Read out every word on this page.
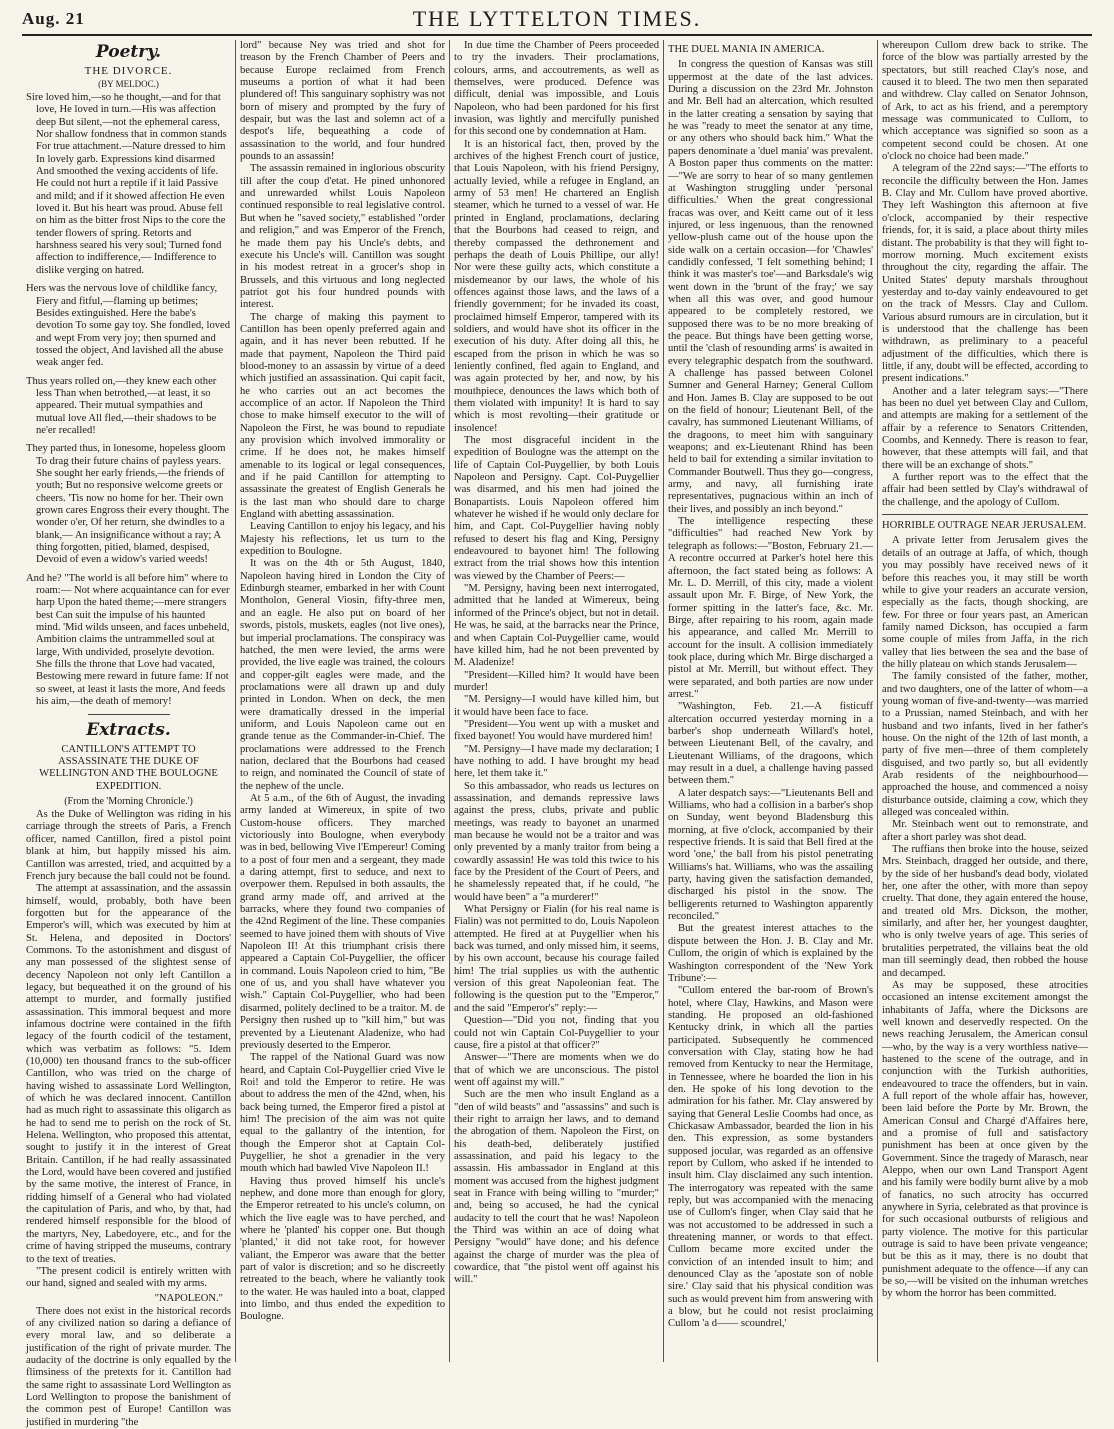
Aug. 21	THE LYTTELTON TIMES.
Poetry.
THE DIVORCE.
(BY MELDOC.)

Sire loved him,—so he thought,—and for that love, He loved in turn.—His was affection deep But silent,—not the ephemeral caress, Nor shallow fondness that in common stands For true attachment.—Nature dressed to him In lovely garb. Expressions kind disarmed And smoothed the vexing accidents of life. He could not hurt a reptile if it laid Passive and mild; and if it showed affection He even loved it. But his heart was proud. Abuse fell on him as the bitter frost Nips to the core the tender flowers of spring. Retorts and harshness seared his very soul; Turned fond affection to indifference,— Indifference to dislike verging on hatred.

Hers was the nervous love of childlike fancy, Fiery and fitful,—flaming up betimes; Besides extinguished. Here the babe's devotion To some gay toy. She fondled, loved and wept From very joy; then spurned and tossed the object, And lavished all the abuse weak anger fed.

Thus years rolled on,—they knew each other less Than when betrothed,—at least, it so appeared. Their mutual sympathies and mutual love All fled,—their shadows to be ne'er recalled!

They parted thus, in lonesome, hopeless gloom To drag their future chains of payless years. She sought her early friends,—the friends of youth; But no responsive welcome greets or cheers. 'Tis now no home for her. Their own grown cares Engross their every thought. The wonder o'er, Of her return, she dwindles to a blank,— An insignificance without a ray; A thing forgotten, pitied, blamed, despised, Devoid of even a widow's varied weeds!

And he? "The world is all before him" where to roam:— Not where acquaintance can for ever harp Upon the hated theme;—mere strangers best Can suit the impulse of his haunted mind. 'Mid wilds unseen, and faces unbeheld, Ambition claims the untrammelled soul at large, With undivided, proselyte devotion. She fills the throne that Love had vacated, Bestowing mere reward in future fame: If not so sweet, at least it lasts the more, And feeds his aim,—the death of memory!

Extracts.
CANTILLON'S ATTEMPT TO ASSASSINATE THE DUKE OF WELLINGTON AND THE BOULOGNE EXPEDITION.
(From the 'Morning Chronicle.')

As the Duke of Wellington was riding in his carriage through the streets of Paris, a French officer, named Cantillon, fired a pistol point blank at him, but happily missed his aim. Cantillon was arrested, tried, and acquitted by a French jury because the ball could not be found.

The attempt at assassination, and the assassin himself, would, probably, both have been forgotten but for the appearance of the Emperor's will, which was executed by him at St. Helena, and deposited in Doctors' Commons. To the astonishment and disgust of any man possessed of the slightest sense of decency Napoleon not only left Cantillon a legacy, but bequeathed it on the ground of his attempt to murder, and formally justified assassination. This immoral bequest and more infamous doctrine were contained in the fifth legacy of the fourth codicil of the testament, which was verbatim as follows: "5. Idem (10,000) ten thousand francs to the sub-officer Cantillon, who was tried on the charge of having wished to assassinate Lord Wellington, of which he was declared innocent. Cantillon had as much right to assassinate this oligarch as he had to send me to perish on the rock of St. Helena. Wellington, who proposed this attentat, sought to justify it in the interest of Great Britain. Cantillon, if he had really assassinated the Lord, would have been covered and justified by the same motive, the interest of France, in ridding himself of a General who had violated the capitulation of Paris, and who, by that, had rendered himself responsible for the blood of the martyrs, Ney, Labedoyere, etc., and for the crime of having stripped the museums, contrary to the text of treaties.

"The present codicil is entirely written with our hand, signed and sealed with my arms.

"NAPOLEON."

There does not exist in the historical records of any civilized nation so daring a defiance of every moral law, and so deliberate a justification of the right of private murder. The audacity of the doctrine is only equalled by the flimsiness of the pretexts for it. Cantillon had the same right to assassinate Lord Wellington as Lord Wellington to propose the banishment of the common pest of Europe! Cantillon was justified in murdering "the

lord" because Ney was tried and shot for treason by the French Chamber of Peers and because Europe reclaimed from French museums a portion of what it had been plundered of! This sanguinary sophistry was not born of misery and prompted by the fury of despair, but was the last and solemn act of a despot's life, bequeathing a code of assassination to the world, and four hundred pounds to an assassin!

The assassin remained in inglorious obscurity till after the coup d'etat. He pined unhonored and unrewarded whilst Louis Napoleon continued responsible to real legislative control. But when he "saved society," established "order and religion," and was Emperor of the French, he made them pay his Uncle's debts, and execute his Uncle's will. Cantillon was sought in his modest retreat in a grocer's shop in Brussels, and this virtuous and long neglected patriot got his four hundred pounds with interest.

The charge of making this payment to Cantillon has been openly preferred again and again, and it has never been rebutted. If he made that payment, Napoleon the Third paid blood-money to an assassin by virtue of a deed which justified an assassination. Qui capit facit, he who carries out an act becomes the accomplice of an actor. If Napoleon the Third chose to make himself executor to the will of Napoleon the First, he was bound to repudiate any provision which involved immorality or crime. If he does not, he makes himself amenable to its logical or legal consequences, and if he paid Cantillon for attempting to assassinate the greatest of English Generals he is the last man who should dare to charge England with abetting assassination.

Leaving Cantillon to enjoy his legacy, and his Majesty his reflections, let us turn to the expedition to Boulogne.

It was on the 4th or 5th August, 1840, Napoleon having hired in London the City of Edinburgh steamer, embarked in her with Count Montholon, General Viosin, fifty-three men, and an eagle. He also put on board of her swords, pistols, muskets, eagles (not live ones), but imperial proclamations. The conspiracy was hatched, the men were levied, the arms were provided, the live eagle was trained, the colours and copper-gilt eagles were made, and the proclamations were all drawn up and duly printed in London. When on deck, the men were dramatically dressed in the imperial uniform, and Louis Napoleon came out en grande tenue as the Commander-in-Chief. The proclamations were addressed to the French nation, declared that the Bourbons had ceased to reign, and nominated the Council of state of the nephew of the uncle.

At 5 a.m., of the 6th of August, the invading army landed at Wimereux, in spite of two Custom-house officers. They marched victoriously into Boulogne, when everybody was in bed, bellowing Vive l'Empereur! Coming to a post of four men and a sergeant, they made a daring attempt, first to seduce, and next to overpower them. Repulsed in both assaults, the grand army made off, and arrived at the barracks, where they found two companies of the 42nd Regiment of the line. These companies seemed to have joined them with shouts of Vive Napoleon II! At this triumphant crisis there appeared a Captain Col-Puygellier, the officer in command. Louis Napoleon cried to him, "Be one of us, and you shall have whatever you wish." Captain Col-Puygellier, who had been disarmed, politely declined to be a traitor. M. de Persigny then rushed up to "kill him," but was prevented by a Lieutenant Aladenize, who had previously deserted to the Emperor.

The rappel of the National Guard was now heard, and Captain Col-Puygellier cried Vive le Roi! and told the Emperor to retire. He was about to address the men of the 42nd, when, his back being turned, the Emperor fired a pistol at him! The precision of the aim was not quite equal to the gallantry of the intention, for though the Emperor shot at Captain Col-Puygellier, he shot a grenadier in the very mouth which had bawled Vive Napoleon II.!

Having thus proved himself his uncle's nephew, and done more than enough for glory, the Emperor retreated to his uncle's column, on which the live eagle was to have perched, and where he 'planted' his copper one. But though 'planted,' it did not take root, for however valiant, the Emperor was aware that the better part of valor is discretion; and so he discreetly retreated to the beach, where he valiantly took to the water. He was hauled into a boat, clapped into limbo, and thus ended the expedition to Boulogne.

In due time the Chamber of Peers proceeded to try the invaders. Their proclamations, colours, arms, and accoutrements, as well as themselves, were produced. Defence was difficult, denial was impossible, and Louis Napoleon, who had been pardoned for his first invasion, was lightly and mercifully punished for this second one by condemnation at Ham.

It is an historical fact, then, proved by the archives of the highest French court of justice, that Louis Napoleon, with his friend Persigny, actually levied, while a refugee in England, an army of 53 men! He chartered an English steamer, which he turned to a vessel of war. He printed in England, proclamations, declaring that the Bourbons had ceased to reign, and thereby compassed the dethronement and perhaps the death of Louis Phillipe, our ally! Nor were these guilty acts, which constitute a misdemeanor by our laws, the whole of his offences against those laws, and the laws of a friendly government; for he invaded its coast, proclaimed himself Emperor, tampered with its soldiers, and would have shot its officer in the execution of his duty. After doing all this, he escaped from the prison in which he was so leniently confined, fled again to England, and was again protected by her, and now, by his mouthpiece, denounces the laws which both of them violated with impunity! It is hard to say which is most revolting—their gratitude or insolence!

The most disgraceful incident in the expedition of Boulogne was the attempt on the life of Captain Col-Puygellier, by both Louis Napoleon and Persigny. Capt. Col-Puygellier was disarmed, and his men had joined the Bonapartists. Louis Napoleon offered him whatever he wished if he would only declare for him, and Capt. Col-Puygellier having nobly refused to desert his flag and King, Persigny endeavoured to bayonet him! The following extract from the trial shows how this intention was viewed by the Chamber of Peers:—

"M. Persigny, having been next interrogated, admitted that he landed at Wimereux, being informed of the Prince's object, but not in detail. He was, he said, at the barracks near the Prince, and when Captain Col-Puygellier came, would have killed him, had he not been prevented by M. Aladenize!

"President—Killed him? It would have been murder!

"M. Persigny—I would have killed him, but it would have been face to face.

"President—You went up with a musket and fixed bayonet! You would have murdered him!

"M. Persigny—I have made my declaration; I have nothing to add. I have brought my head here, let them take it."

So this ambassador, who reads us lectures on assassination, and demands repressive laws against the press, clubs, private and public meetings, was ready to bayonet an unarmed man because he would not be a traitor and was only prevented by a manly traitor from being a cowardly assassin! He was told this twice to his face by the President of the Court of Peers, and he shamelessly repeated that, if he could, "he would have been" a "a murderer!"

What Persigny or Fialin (for his real name is Fialin) was not permitted to do, Louis Napoleon attempted. He fired at at Puygellier when his back was turned, and only missed him, it seems, by his own account, because his courage failed him! The trial supplies us with the authentic version of this great Napoleonian feat. The following is the question put to the "Emperor," and the said "Emperor's" reply:—

Question—"Did you not, finding that you could not win Captain Col-Puygellier to your cause, fire a pistol at that officer?"

Answer—"There are moments when we do that of which we are unconscious. The pistol went off against my will."

Such are the men who insult England as a "den of wild beasts" and "assassins" and such is their right to arraign her laws, and to demand the abrogation of them. Napoleon the First, on his death-bed, deliberately justified assassination, and paid his legacy to the assassin. His ambassador in England at this moment was accused from the highest judgment seat in France with being willing to "murder;" and, being so accused, he had the cynical audacity to tell the court that he was! Napoleon the Third was within an ace of doing what Persigny "would" have done; and his defence against the charge of murder was the plea of cowardice, that "the pistol went off against his will."

THE DUEL MANIA IN AMERICA.

In congress the question of Kansas was still uppermost at the date of the last advices. During a discussion on the 23rd Mr. Johnston and Mr. Bell had an altercation, which resulted in the latter creating a sensation by saying that he was "ready to meet the senator at any time, or any others who should back him." What the papers denominate a 'duel mania' was prevalent. A Boston paper thus comments on the matter:—"We are sorry to hear of so many gentlemen at Washington struggling under 'personal difficulties.' When the great congressional fracas was over, and Keitt came out of it less injured, or less ingenuous, than the renowned yellow-plush came out of the house upon the side walk on a certain occasion—for 'Chawles' candidly confessed, 'I felt something behind; I think it was master's toe'—and Barksdale's wig went down in the 'brunt of the fray;' we say when all this was over, and good humour appeared to be completely restored, we supposed there was to be no more breaking of the peace. But things have been getting worse, until the 'clash of resounding arms' is awaited in every telegraphic despatch from the southward. A challenge has passed between Colonel Sumner and General Harney; General Cullom and Hon. James B. Clay are supposed to be out on the field of honour; Lieutenant Bell, of the cavalry, has summoned Lieutenant Williams, of the dragoons, to meet him with sanguinary weapons; and ex-Lieutenant Rhind has been held to bail for extending a similar invitation to Commander Boutwell. Thus they go—congress, army, and navy, all furnishing irate representatives, pugnacious within an inch of their lives, and possibly an inch beyond."

The intelligence respecting these "difficulties" had reached New York by telegraph as follows:—"Boston, February 21.—A recontre occurred at Parker's hotel here this afternoon, the fact stated being as follows: A Mr. L. D. Merrill, of this city, made a violent assault upon Mr. F. Birge, of New York, the former spitting in the latter's face, &c. Mr. Birge, after repairing to his room, again made his appearance, and called Mr. Merrill to account for the insult. A collision immediately took place, during which Mr. Birge discharged a pistol at Mr. Merrill, but without effect. They were separated, and both parties are now under arrest."

"Washington, Feb. 21.—A fisticuff altercation occurred yesterday morning in a barber's shop underneath Willard's hotel, between Lieutenant Bell, of the cavalry, and Lieutenant Williams, of the dragoons, which may result in a duel, a challenge having passed between them."

A later despatch says:—"Lieutenants Bell and Williams, who had a collision in a barber's shop on Sunday, went beyond Bladensburg this morning, at five o'clock, accompanied by their respective friends. It is said that Bell fired at the word 'one,' the ball from his pistol penetrating Williams's hat. Williams, who was the assailing party, having given the satisfaction demanded, discharged his pistol in the snow. The belligerents returned to Washington apparently reconciled."

But the greatest interest attaches to the dispute between the Hon. J. B. Clay and Mr. Cullom, the origin of which is explained by the Washington correspondent of the 'New York Tribune':—

"Cullom entered the bar-room of Brown's hotel, where Clay, Hawkins, and Mason were standing. He proposed an old-fashioned Kentucky drink, in which all the parties participated. Subsequently he commenced conversation with Clay, stating how he had removed from Kentucky to near the Hermitage, in Tennessee, where he boarded the lion in his den. He spoke of his long devotion to the admiration for his father. Mr. Clay answered by saying that General Leslie Coombs had once, as Chickasaw Ambassador, bearded the lion in his den. This expression, as some bystanders supposed jocular, was regarded as an offensive report by Cullom, who asked if he intended to insult him. Clay disclaimed any such intention. The interrogatory was repeated with the same reply, but was accompanied with the menacing use of Cullom's finger, when Clay said that he was not accustomed to be addressed in such a threatening manner, or words to that effect. Cullom became more excited under the conviction of an intended insult to him; and denounced Clay as the 'apostate son of noble sire.' Clay said that his physical condition was such as would prevent him from answering with a blow, but he could not resist proclaiming Cullom 'a d—— scoundrel,'

whereupon Cullom drew back to strike. The force of the blow was partially arrested by the spectators, but still reached Clay's nose, and caused it to bleed. The two men then separated and withdrew. Clay called on Senator Johnson, of Ark, to act as his friend, and a peremptory message was communicated to Cullom, to which acceptance was signified so soon as a competent second could be chosen. At one o'clock no choice had been made."

A telegram of the 22nd says:—"The efforts to reconcile the difficulty between the Hon. James B. Clay and Mr. Cullom have proved abortive. They left Washington this afternoon at five o'clock, accompanied by their respective friends, for, it is said, a place about thirty miles distant. The probability is that they will fight to-morrow morning. Much excitement exists throughout the city, regarding the affair. The United States' deputy marshals throughout yesterday and to-day vainly endeavoured to get on the track of Messrs. Clay and Cullom. Various absurd rumours are in circulation, but it is understood that the challenge has been withdrawn, as preliminary to a peaceful adjustment of the difficulties, which there is little, if any, doubt will be effected, according to present indications."

Another and a later telegram says:—"There has been no duel yet between Clay and Cullom, and attempts are making for a settlement of the affair by a reference to Senators Crittenden, Coombs, and Kennedy. There is reason to fear, however, that these attempts will fail, and that there will be an exchange of shots."

A further report was to the effect that the affair had been settled by Clay's withdrawal of the challenge, and the apology of Cullom.

HORRIBLE OUTRAGE NEAR JERUSALEM.

A private letter from Jerusalem gives the details of an outrage at Jaffa, of which, though you may possibly have received news of it before this reaches you, it may still be worth while to give your readers an accurate version, especially as the facts, though shocking, are few. For three or four years past, an American family named Dickson, has occupied a farm some couple of miles from Jaffa, in the rich valley that lies between the sea and the base of the hilly plateau on which stands Jerusalem—

The family consisted of the father, mother, and two daughters, one of the latter of whom—a young woman of five-and-twenty—was married to a Prussian, named Steinbach, and with her husband and two infants, lived in her father's house. On the night of the 12th of last month, a party of five men—three of them completely disguised, and two partly so, but all evidently Arab residents of the neighbourhood—approached the house, and commenced a noisy disturbance outside, claiming a cow, which they alleged was concealed within.

Mr. Steinbach went out to remonstrate, and after a short parley was shot dead.

The ruffians then broke into the house, seized Mrs. Steinbach, dragged her outside, and there, by the side of her husband's dead body, violated her, one after the other, with more than sepoy cruelty. That done, they again entered the house, and treated old Mrs. Dickson, the mother, similarly, and after her, her youngest daughter, who is only twelve years of age. This series of brutalities perpetrated, the villains beat the old man till seemingly dead, then robbed the house and decamped.

As may be supposed, these atrocities occasioned an intense excitement amongst the inhabitants of Jaffa, where the Dicksons are well known and deservedly respected. On the news reaching Jerusalem, the American consul—who, by the way is a very worthless native—hastened to the scene of the outrage, and in conjunction with the Turkish authorities, endeavoured to trace the offenders, but in vain. A full report of the whole affair has, however, been laid before the Porte by Mr. Brown, the American Consul and Chargé d'Affaires here, and a promise of full and satisfactory punishment has been at once given by the Government. Since the tragedy of Marasch, near Aleppo, when our own Land Transport Agent and his family were bodily burnt alive by a mob of fanatics, no such atrocity has occurred anywhere in Syria, celebrated as that province is for such occasional outbursts of religious and party violence. The motive for this particular outrage is said to have been private vengeance; but be this as it may, there is no doubt that punishment adequate to the offence—if any can be so,—will be visited on the inhuman wretches by whom the horror has been committed.
